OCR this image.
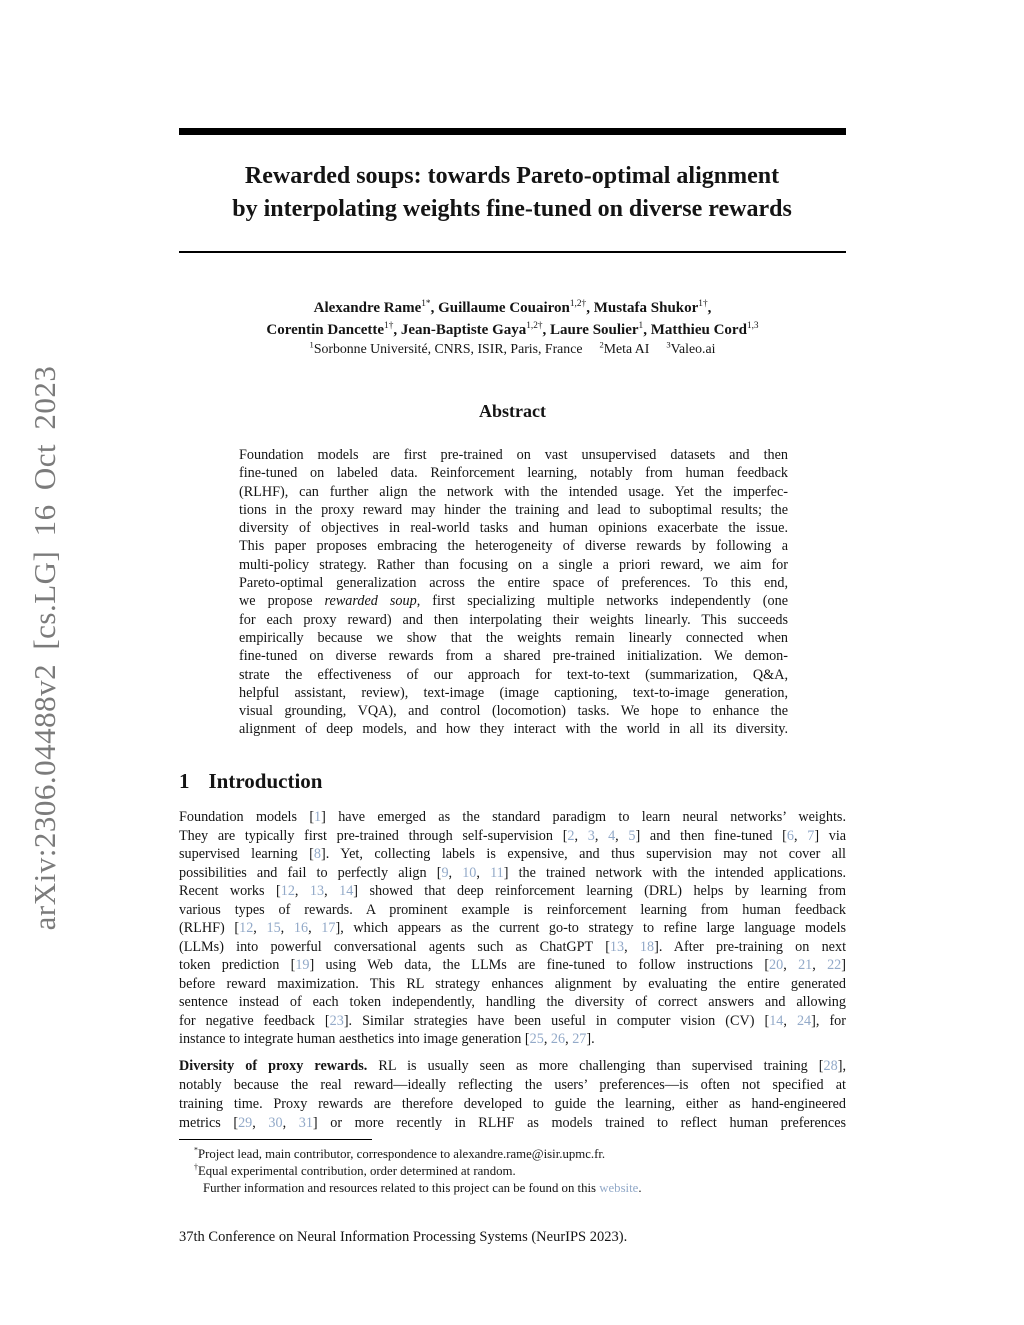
arXiv:2306.04488v2 [cs.LG] 16 Oct 2023
Rewarded soups: towards Pareto-optimal alignment
by interpolating weights fine-tuned on diverse rewards
Alexandre Rame$^{1*}$, Guillaume Couairon$^{1,2\dagger}$, Mustafa Shukor$^{1\dagger}$,
Corentin Dancette$^{1\dagger}$, Jean-Baptiste Gaya$^{1,2\dagger}$, Laure Soulier$^1$, Matthieu Cord$^{1,3}$
$^1$Sorbonne Université, CNRS, ISIR, Paris, France $^2$Meta AI $^3$Valeo.ai
Abstract
Foundation models are first pre-trained on vast unsupervised datasets and then
fine-tuned on labeled data. Reinforcement learning, notably from human feedback
(RLHF), can further align the network with the intended usage. Yet the imperfec-
tions in the proxy reward may hinder the training and lead to suboptimal results; the
diversity of objectives in real-world tasks and human opinions exacerbate the issue.
This paper proposes embracing the heterogeneity of diverse rewards by following a
multi-policy strategy. Rather than focusing on a single a priori reward, we aim for
Pareto-optimal generalization across the entire space of preferences. To this end,
we propose rewarded soup, first specializing multiple networks independently (one
for each proxy reward) and then interpolating their weights linearly. This succeeds
empirically because we show that the weights remain linearly connected when
fine-tuned on diverse rewards from a shared pre-trained initialization. We demon-
strate the effectiveness of our approach for text-to-text (summarization, Q&A,
helpful assistant, review), text-image (image captioning, text-to-image generation,
visual grounding, VQA), and control (locomotion) tasks. We hope to enhance the
alignment of deep models, and how they interact with the world in all its diversity.
1 Introduction
Foundation models [1] have emerged as the standard paradigm to learn neural networks’ weights.
They are typically first pre-trained through self-supervision [2, 3, 4, 5] and then fine-tuned [6, 7] via
supervised learning [8]. Yet, collecting labels is expensive, and thus supervision may not cover all
possibilities and fail to perfectly align [9, 10, 11] the trained network with the intended applications.
Recent works [12, 13, 14] showed that deep reinforcement learning (DRL) helps by learning from
various types of rewards. A prominent example is reinforcement learning from human feedback
(RLHF) [12, 15, 16, 17], which appears as the current go-to strategy to refine large language models
(LLMs) into powerful conversational agents such as ChatGPT [13, 18]. After pre-training on next
token prediction [19] using Web data, the LLMs are fine-tuned to follow instructions [20, 21, 22]
before reward maximization. This RL strategy enhances alignment by evaluating the entire generated
sentence instead of each token independently, handling the diversity of correct answers and allowing
for negative feedback [23]. Similar strategies have been useful in computer vision (CV) [14, 24], for
instance to integrate human aesthetics into image generation [25, 26, 27].
Diversity of proxy rewards. RL is usually seen as more challenging than supervised training [28],
notably because the real reward—ideally reflecting the users’ preferences—is often not specified at
training time. Proxy rewards are therefore developed to guide the learning, either as hand-engineered
metrics [29, 30, 31] or more recently in RLHF as models trained to reflect human preferences
*Project lead, main contributor, correspondence to alexandre.rame@isir.upmc.fr.
†Equal experimental contribution, order determined at random.
Further information and resources related to this project can be found on this website.
37th Conference on Neural Information Processing Systems (NeurIPS 2023).
